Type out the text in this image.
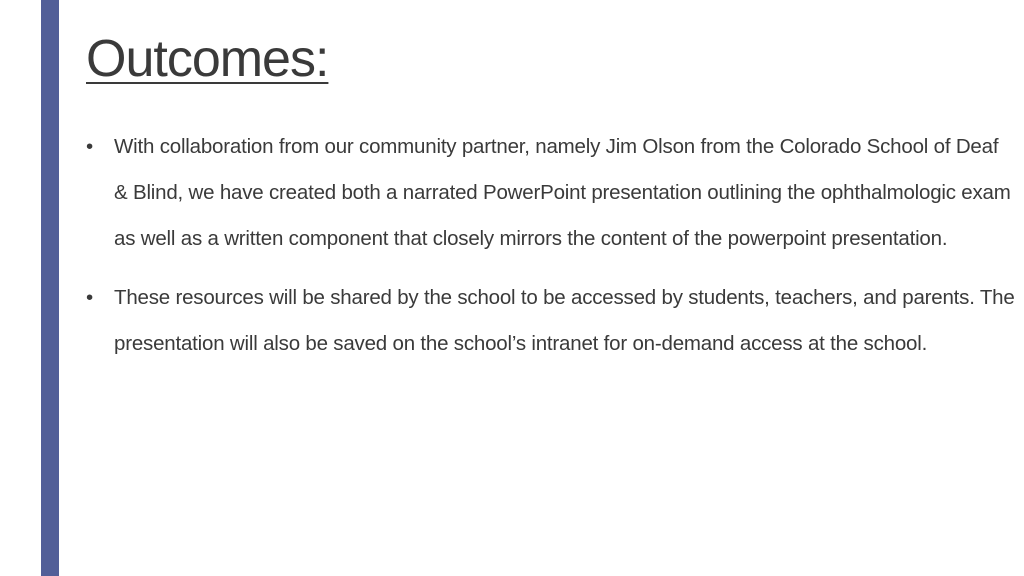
Outcomes:
•	With collaboration from our community partner, namely Jim Olson from the Colorado School of Deaf & Blind, we have created both a narrated PowerPoint presentation outlining the ophthalmologic exam as well as a written component that closely mirrors the content of the powerpoint presentation.
•	These resources will be shared by the school to be accessed by students, teachers, and parents. The presentation will also be saved on the school’s intranet for on-demand access at the school.
